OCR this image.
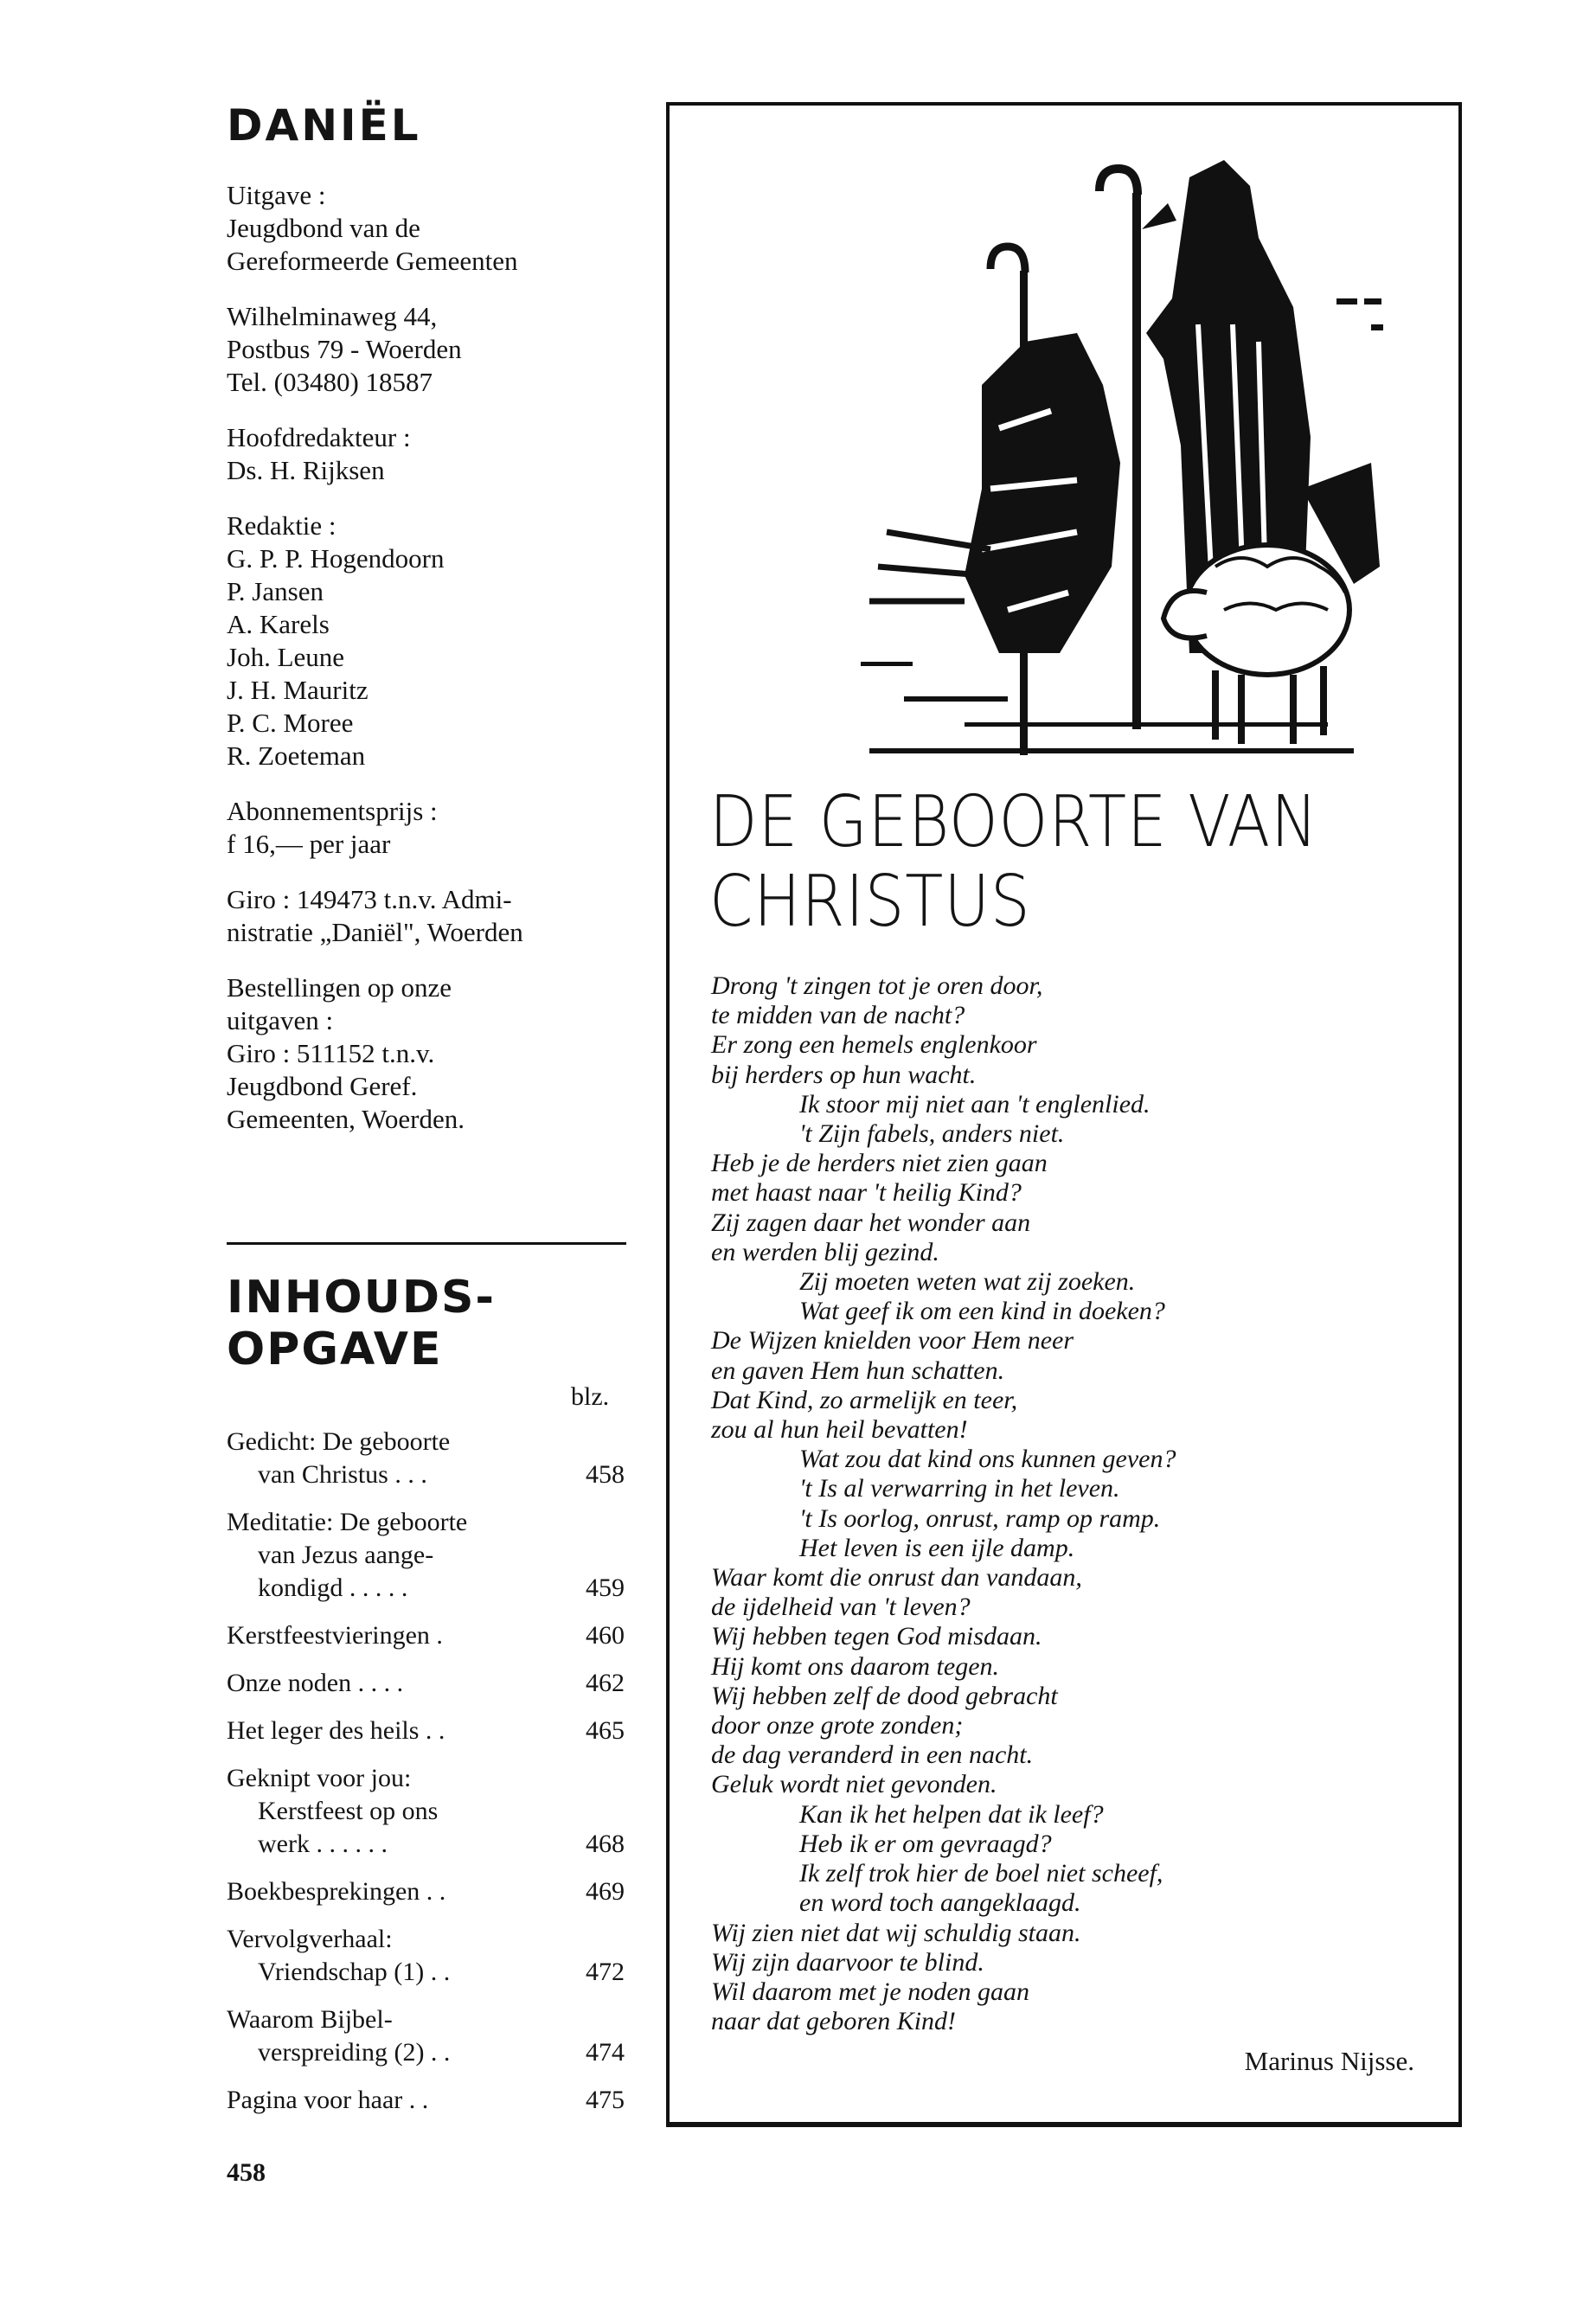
DANIËL
Uitgave :
Jeugdbond van de
Gereformeerde Gemeenten
Wilhelminaweg 44,
Postbus 79 - Woerden
Tel. (03480) 18587
Hoofdredakteur :
Ds. H. Rijksen
Redaktie :
G. P. P. Hogendoorn
P. Jansen
A. Karels
Joh. Leune
J. H. Mauritz
P. C. Moree
R. Zoeteman
Abonnementsprijs :
f 16,— per jaar
Giro : 149473 t.n.v. Admi-
nistratie „Daniël", Woerden
Bestellingen op onze
uitgaven :
Giro : 511152 t.n.v.
Jeugdbond Geref.
Gemeenten, Woerden.
INHOUDS-
OPGAVE
blz.
Gedicht: De geboorte
van Christus . . .	458
Meditatie: De geboorte
van Jezus aange-
kondigd . . . . .	459
Kerstfeestvieringen .	460
Onze noden . . . .	462
Het leger des heils . .	465
Geknipt voor jou:
Kerstfeest op ons
werk . . . . . .	468
Boekbesprekingen . .	469
Vervolgverhaal:
Vriendschap (1) . .	472
Waarom Bijbel-
verspreiding (2) . .	474
Pagina voor haar . .	475
458
DE GEBOORTE VAN
CHRISTUS
Drong 't zingen tot je oren door,
te midden van de nacht?
Er zong een hemels englenkoor
bij herders op hun wacht.
Ik stoor mij niet aan 't englenlied.
't Zijn fabels, anders niet.
Heb je de herders niet zien gaan
met haast naar 't heilig Kind?
Zij zagen daar het wonder aan
en werden blij gezind.
Zij moeten weten wat zij zoeken.
Wat geef ik om een kind in doeken?
De Wijzen knielden voor Hem neer
en gaven Hem hun schatten.
Dat Kind, zo armelijk en teer,
zou al hun heil bevatten!
Wat zou dat kind ons kunnen geven?
't Is al verwarring in het leven.
't Is oorlog, onrust, ramp op ramp.
Het leven is een ijle damp.
Waar komt die onrust dan vandaan,
de ijdelheid van 't leven?
Wij hebben tegen God misdaan.
Hij komt ons daarom tegen.
Wij hebben zelf de dood gebracht
door onze grote zonden;
de dag veranderd in een nacht.
Geluk wordt niet gevonden.
Kan ik het helpen dat ik leef?
Heb ik er om gevraagd?
Ik zelf trok hier de boel niet scheef,
en word toch aangeklaagd.
Wij zien niet dat wij schuldig staan.
Wij zijn daarvoor te blind.
Wil daarom met je noden gaan
naar dat geboren Kind!
Marinus Nijsse.
